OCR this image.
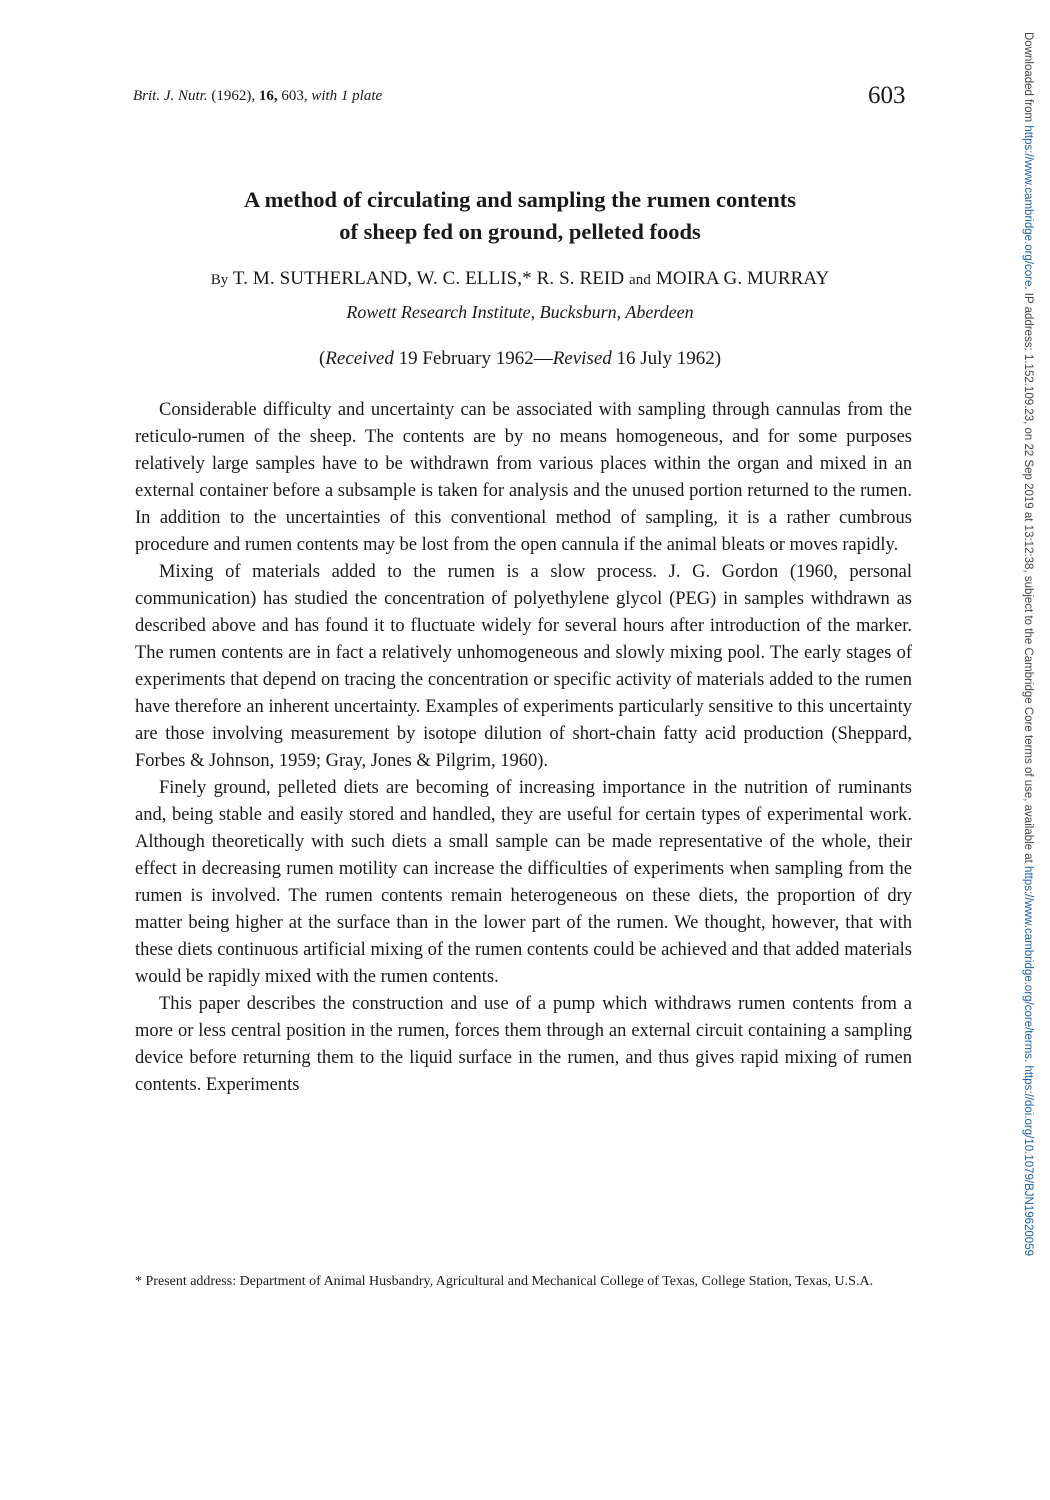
Brit. J. Nutr. (1962), 16, 603, with 1 plate	603
A method of circulating and sampling the rumen contents
of sheep fed on ground, pelleted foods
By T. M. SUTHERLAND, W. C. ELLIS,* R. S. REID and MOIRA G. MURRAY
Rowett Research Institute, Bucksburn, Aberdeen
(Received 19 February 1962—Revised 16 July 1962)

Considerable difficulty and uncertainty can be associated with sampling through cannulas from the reticulo-rumen of the sheep. The contents are by no means homogeneous, and for some purposes relatively large samples have to be withdrawn from various places within the organ and mixed in an external container before a subsample is taken for analysis and the unused portion returned to the rumen. In addition to the uncertainties of this conventional method of sampling, it is a rather cumbrous procedure and rumen contents may be lost from the open cannula if the animal bleats or moves rapidly.

Mixing of materials added to the rumen is a slow process. J. G. Gordon (1960, personal communication) has studied the concentration of polyethylene glycol (PEG) in samples withdrawn as described above and has found it to fluctuate widely for several hours after introduction of the marker. The rumen contents are in fact a relatively unhomogeneous and slowly mixing pool. The early stages of experiments that depend on tracing the concentration or specific activity of materials added to the rumen have therefore an inherent uncertainty. Examples of experiments particularly sensitive to this uncertainty are those involving measurement by isotope dilution of short-chain fatty acid production (Sheppard, Forbes & Johnson, 1959; Gray, Jones & Pilgrim, 1960).

Finely ground, pelleted diets are becoming of increasing importance in the nutrition of ruminants and, being stable and easily stored and handled, they are useful for certain types of experimental work. Although theoretically with such diets a small sample can be made representative of the whole, their effect in decreasing rumen motility can increase the difficulties of experiments when sampling from the rumen is involved. The rumen contents remain heterogeneous on these diets, the proportion of dry matter being higher at the surface than in the lower part of the rumen. We thought, however, that with these diets continuous artificial mixing of the rumen contents could be achieved and that added materials would be rapidly mixed with the rumen contents.

This paper describes the construction and use of a pump which withdraws rumen contents from a more or less central position in the rumen, forces them through an external circuit containing a sampling device before returning them to the liquid surface in the rumen, and thus gives rapid mixing of rumen contents. Experiments

* Present address: Department of Animal Husbandry, Agricultural and Mechanical College of Texas, College Station, Texas, U.S.A.
Downloaded from https://www.cambridge.org/core. IP address: 1.152.109.23, on 22 Sep 2019 at 13:12:38, subject to the Cambridge Core terms of use, available at https://www.cambridge.org/core/terms. https://doi.org/10.1079/BJN19620059
